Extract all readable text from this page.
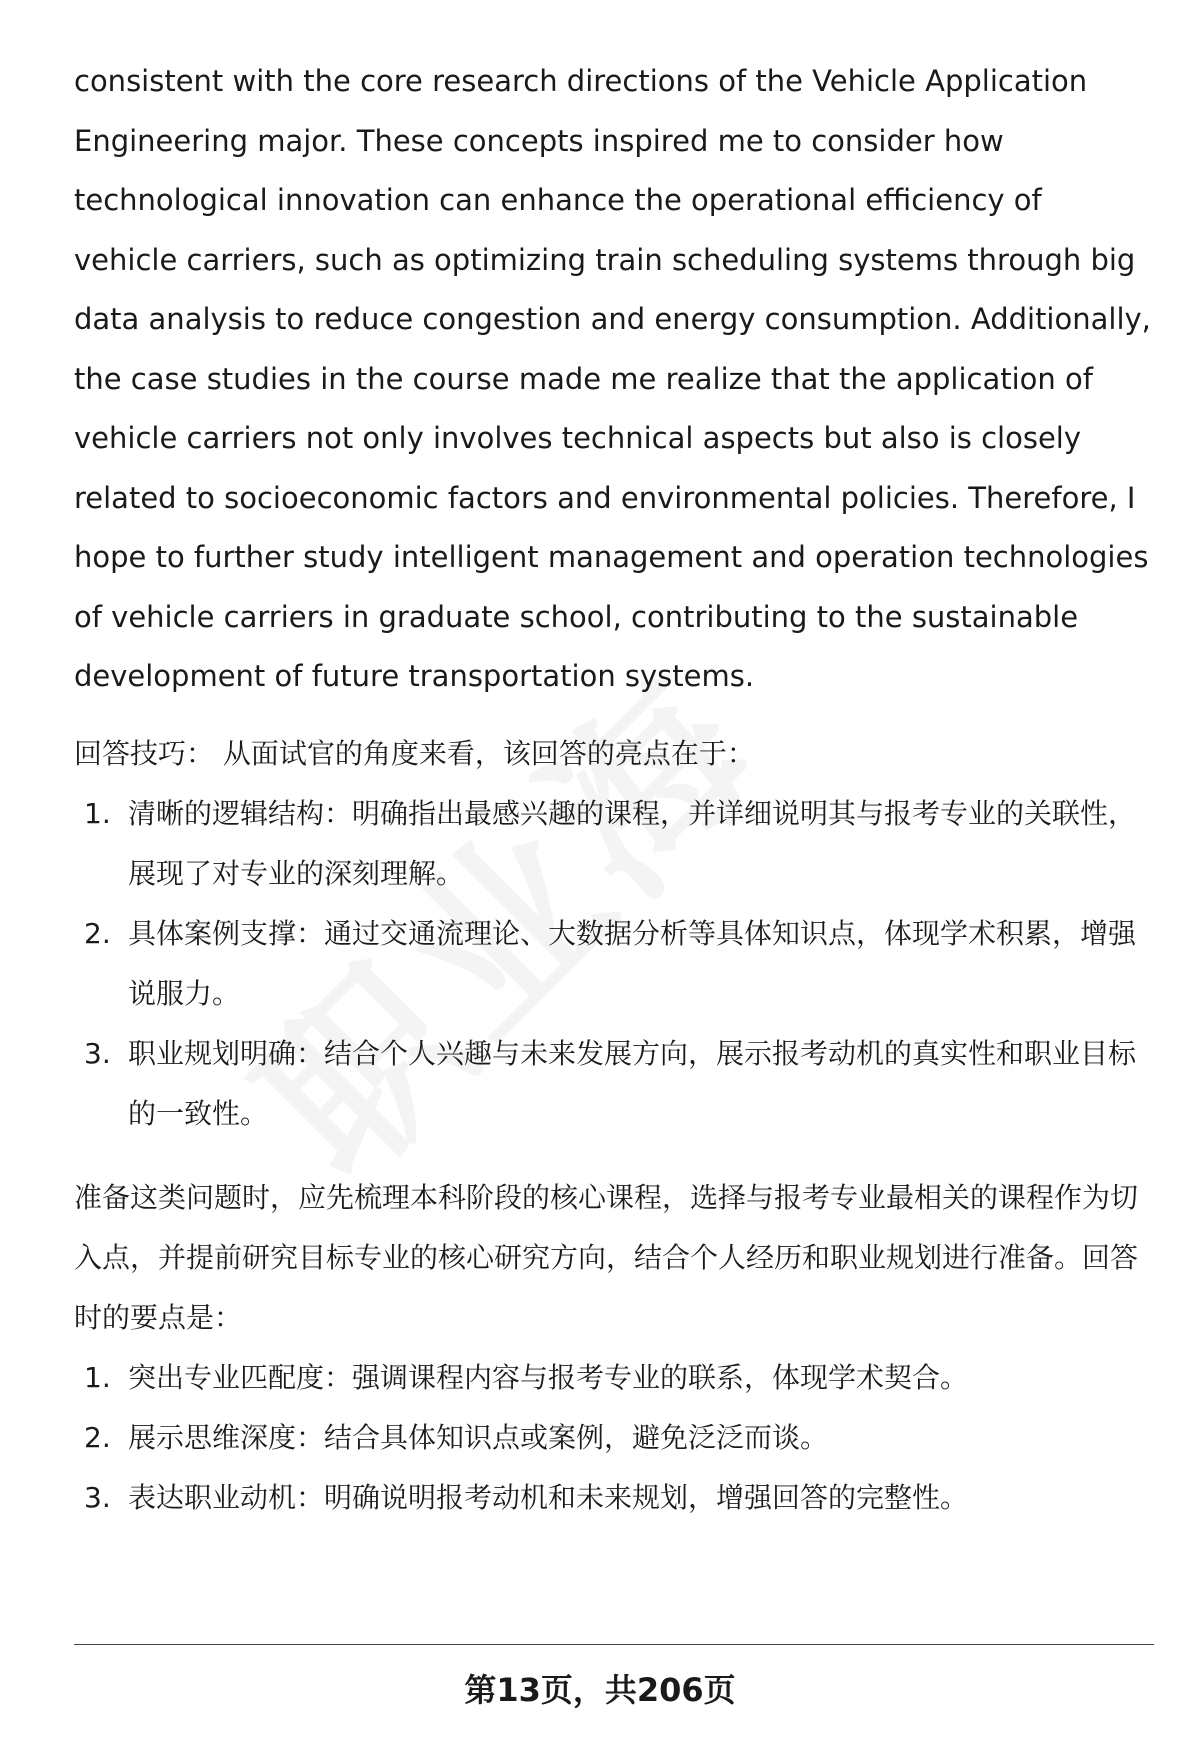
consistent with the core research directions of the Vehicle Application Engineering major. These concepts inspired me to consider how technological innovation can enhance the operational efficiency of vehicle carriers, such as optimizing train scheduling systems through big data analysis to reduce congestion and energy consumption. Additionally, the case studies in the course made me realize that the application of vehicle carriers not only involves technical aspects but also is closely related to socioeconomic factors and environmental policies. Therefore, I hope to further study intelligent management and operation technologies of vehicle carriers in graduate school, contributing to the sustainable development of future transportation systems.

回答技巧： 从面试官的角度来看，该回答的亮点在于：

1. 清晰的逻辑结构：明确指出最感兴趣的课程，并详细说明其与报考专业的关联性，展现了对专业的深刻理解。
2. 具体案例支撑：通过交通流理论、大数据分析等具体知识点，体现学术积累，增强说服力。
3. 职业规划明确：结合个人兴趣与未来发展方向，展示报考动机的真实性和职业目标的一致性。

准备这类问题时，应先梳理本科阶段的核心课程，选择与报考专业最相关的课程作为切入点，并提前研究目标专业的核心研究方向，结合个人经历和职业规划进行准备。回答时的要点是：

1. 突出专业匹配度：强调课程内容与报考专业的联系，体现学术契合。
2. 展示思维深度：结合具体知识点或案例，避免泛泛而谈。
3. 表达职业动机：明确说明报考动机和未来规划，增强回答的完整性。
第13页，共206页
